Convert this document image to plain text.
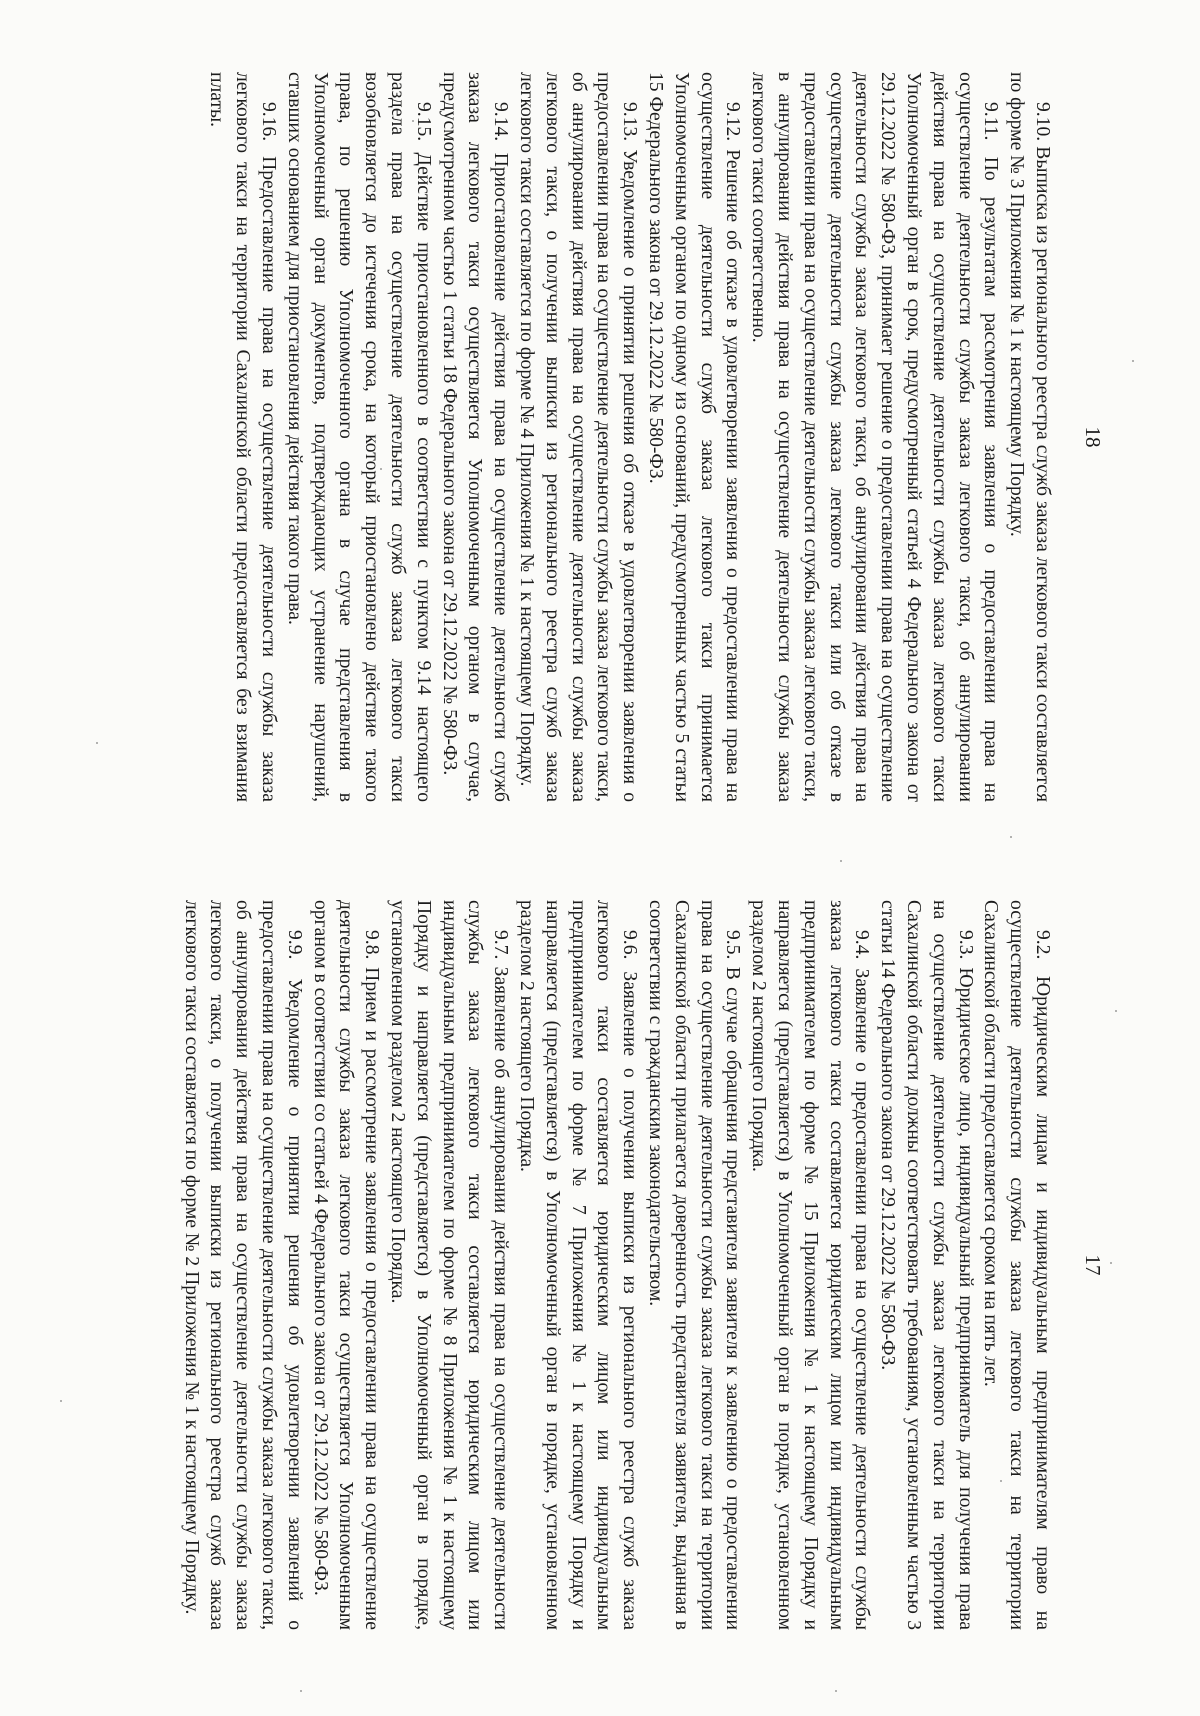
18

9.10. Выписка из регионального реестра служб заказа легкового такси составляется по форме № 3 Приложения № 1 к настоящему Порядку.

9.11. По результатам рассмотрения заявления о предоставлении права на осуществление деятельности службы заказа легкового такси, об аннулировании действия права на осуществление деятельности службы заказа легкового такси Уполномоченный орган в срок, предусмотренный статьей 4 Федерального закона от 29.12.2022 № 580-ФЗ, принимает решение о предоставлении права на осуществление деятельности службы заказа легкового такси, об аннулировании действия права на осуществление деятельности службы заказа легкового такси или об отказе в предоставлении права на осуществление деятельности службы заказа легкового такси, в аннулировании действия права на осуществление деятельности службы заказа легкового такси соответственно.

9.12. Решение об отказе в удовлетворении заявления о предоставлении права на осуществление деятельности служб заказа легкового такси принимается Уполномоченным органом по одному из оснований, предусмотренных частью 5 статьи 15 Федерального закона от 29.12.2022 № 580-ФЗ.

9.13. Уведомление о принятии решения об отказе в удовлетворении заявления о предоставлении права на осуществление деятельности службы заказа легкового такси, об аннулировании действия права на осуществление деятельности службы заказа легкового такси, о получении выписки из регионального реестра служб заказа легкового такси составляется по форме № 4 Приложения № 1 к настоящему Порядку.

9.14. Приостановление действия права на осуществление деятельности служб заказа легкового такси осуществляется Уполномоченным органом в случае, предусмотренном частью 1 статьи 18 Федерального закона от 29.12.2022 № 580-ФЗ.

9.15. Действие приостановленного в соответствии с пунктом 9.14 настоящего раздела права на осуществление деятельности служб заказа легкового такси возобновляется до истечения срока, на который приостановлено действие такого права, по решению Уполномоченного органа в случае представления в Уполномоченный орган документов, подтверждающих устранение нарушений, ставших основанием для приостановления действия такого права.

9.16. Предоставление права на осуществление деятельности службы заказа легкового такси на территории Сахалинской области предоставляется без взимания платы.

17

9.2. Юридическим лицам и индивидуальным предпринимателям право на осуществление деятельности службы заказа легкового такси на территории Сахалинской области предоставляется сроком на пять лет.

9.3. Юридическое лицо, индивидуальный предприниматель для получения права на осуществление деятельности службы заказа легкового такси на территории Сахалинской области должны соответствовать требованиям, установленным частью 3 статьи 14 Федерального закона от 29.12.2022 № 580-ФЗ.

9.4. Заявление о предоставлении права на осуществление деятельности службы заказа легкового такси составляется юридическим лицом или индивидуальным предпринимателем по форме № 15 Приложения № 1 к настоящему Порядку и направляется (представляется) в Уполномоченный орган в порядке, установленном разделом 2 настоящего Порядка.

9.5. В случае обращения представителя заявителя к заявлению о предоставлении права на осуществление деятельности службы заказа легкового такси на территории Сахалинской области прилагается доверенность представителя заявителя, выданная в соответствии с гражданским законодательством.

9.6. Заявление о получении выписки из регионального реестра служб заказа легкового такси составляется юридическим лицом или индивидуальным предпринимателем по форме № 7 Приложения № 1 к настоящему Порядку и направляется (представляется) в Уполномоченный орган в порядке, установленном разделом 2 настоящего Порядка.

9.7. Заявление об аннулировании действия права на осуществление деятельности службы заказа легкового такси составляется юридическим лицом или индивидуальным предпринимателем по форме № 8 Приложения № 1 к настоящему Порядку и направляется (представляется) в Уполномоченный орган в порядке, установленном разделом 2 настоящего Порядка.

9.8. Прием и рассмотрение заявления о предоставлении права на осуществление деятельности службы заказа легкового такси осуществляется Уполномоченным органом в соответствии со статьей 4 Федерального закона от 29.12.2022 № 580-ФЗ.

9.9. Уведомление о принятии решения об удовлетворении заявлений о предоставлении права на осуществление деятельности службы заказа легкового такси, об аннулировании действия права на осуществление деятельности службы заказа легкового такси, о получении выписки из регионального реестра служб заказа легкового такси составляется по форме № 2 Приложения № 1 к настоящему Порядку.
